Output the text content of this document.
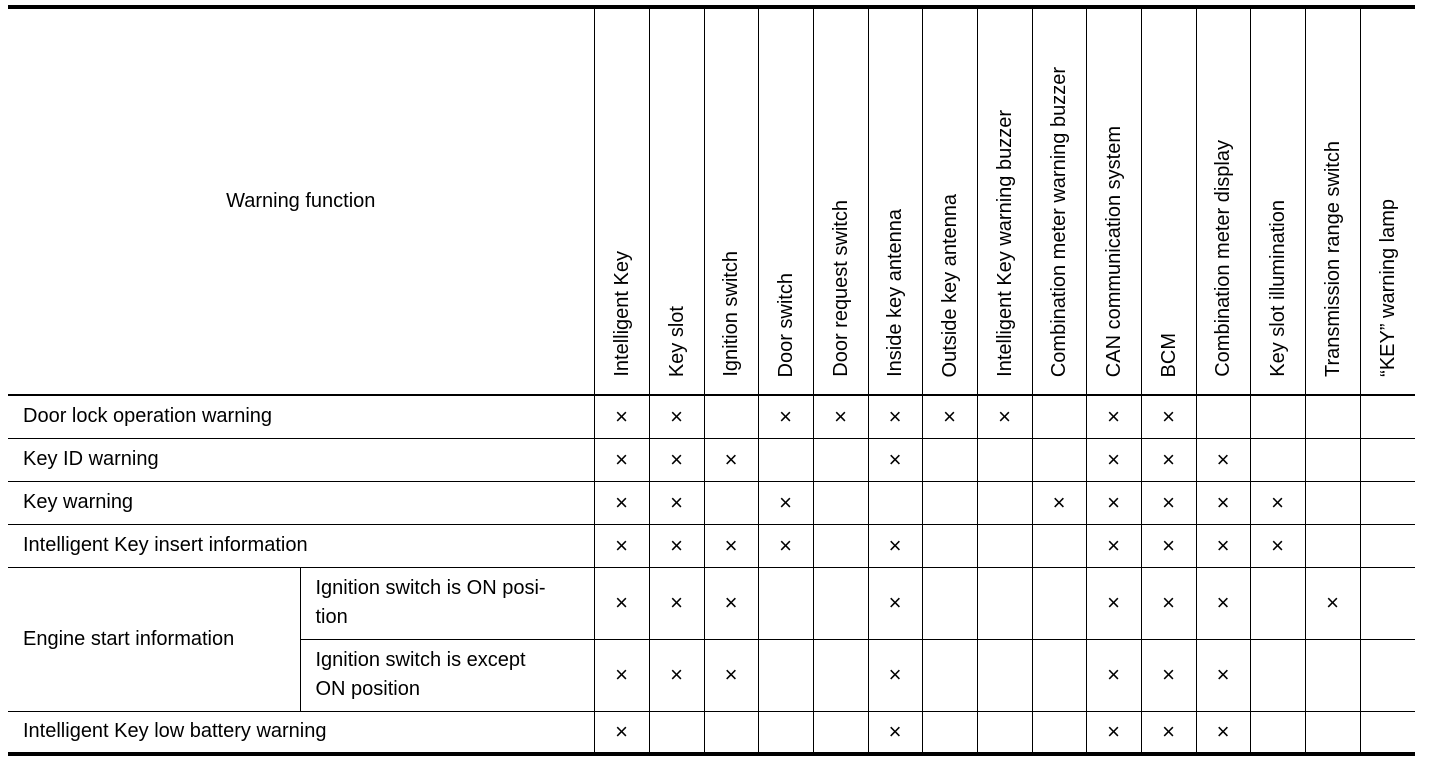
Warning function		Intelligent Key	Key slot	Ignition switch	Door switch	Door request switch	Inside key antenna	Outside key antenna	Intelligent Key warning buzzer	Combination meter warning buzzer	CAN communication system	BCM	Combination meter display	Key slot illumination	Transmission range switch	“KEY” warning lamp

Door lock operation warning		×	×		×	×	×	×	×		×	×				
Key ID warning		×	×	×			×				×	×	×			
Key warning		×	×		×					×	×	×	×	×		
Intelligent Key insert information		×	×	×	×		×				×	×	×	×		
Engine start information	Ignition switch is ON posi-
tion	×	×	×			×				×	×	×		×	
	Ignition switch is except
ON position	×	×	×			×				×	×	×			
Intelligent Key low battery warning		×					×				×	×	×			
